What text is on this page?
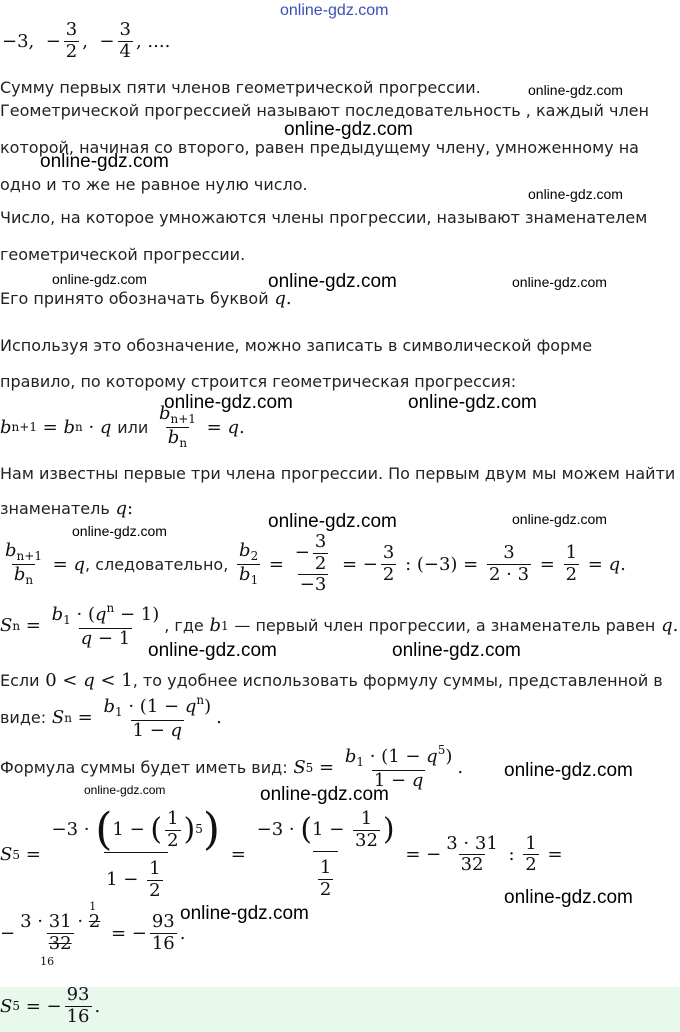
online-gdz.com
online-gdz.com
online-gdz.com
online-gdz.com
online-gdz.com
online-gdz.com	online-gdz.com	online-gdz.com
online-gdz.com	online-gdz.com
online-gdz.com	online-gdz.com	online-gdz.com
online-gdz.com	online-gdz.com
online-gdz.com
online-gdz.com	online-gdz.com
online-gdz.com
online-gdz.com
−3, − $\frac{3}{2}$ , − $\frac{3}{4}$ , ....
Сумму первых пяти членов геометрической прогрессии.
Геометрической прогрессией называют последовательность , каждый член
которой, начиная со второго, равен предыдущему члену, умноженному на
одно и то же не равное нулю число.
Число, на которое умножаются члены прогрессии, называют знаменателем
геометрической прогрессии.
Его принято обозначать буквой
q .
Используя это обозначение, можно записать в символической форме
правило, по которому строится геометрическая прогрессия:
b n+1 = b n · q
или
$\frac{b_{n+1}}{b_n} = q$ .
Нам известны первые три члена прогрессии. По первым двум мы можем найти
знаменатель
q :
$\frac{b_{n+1}}{b_n} = q$ , следовательно,
$\frac{b_2}{b_1} = \frac{- \frac{3}{2}}{-3}$ = − $\frac{3}{2}$ : $(-3) = \frac{3}{2 \cdot 3} = \frac{1}{2} = q$ .
S $n = \frac{b_1 \cdot (q^n - 1)}{q - 1}$ , где
b 1
— первый член прогрессии, а знаменатель равен
q .
Если 0 < q < 1 , то удобнее использовать формулу суммы, представленной в
виде:
S $n = \frac{b_1 \cdot (1 - q^n)}{1 - q}$ .
Формула суммы будет иметь вид:
S $5 = \frac{b_1 \cdot (1 - q^5)}{1 - q}$ .
S $5 = \frac{-3 \cdot ( 1 - ( \frac{1}{2} ) 5 )}{1 - \frac{1}{2}} = \frac{-3 \cdot ( 1 - \frac{1}{32} )}{\frac{1}{2}}$ = − $\frac{3 \cdot 31}{32}$ : $\frac{1}{2}$ =
−
3 · 31 · 2
32
1
16
= − $\frac{93}{16}$ .
S 5 = − $\frac{93}{16}$ .
